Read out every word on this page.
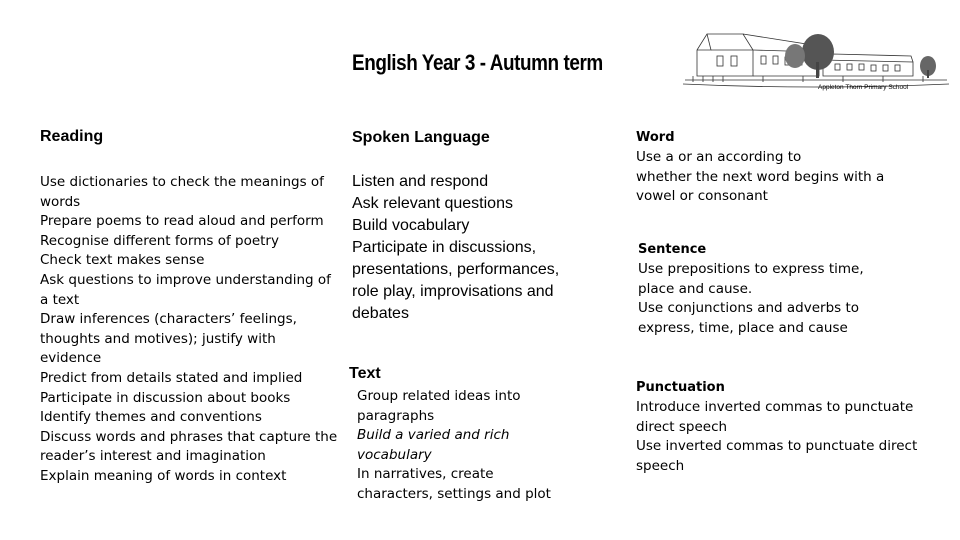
English Year 3 - Autumn term
Appleton Thorn Primary School
Reading
Use dictionaries to check the meanings of
words
Prepare poems to read aloud and perform
Recognise different forms of poetry
Check text makes sense
Ask questions to improve understanding of
a text
Draw inferences (characters’ feelings,
thoughts and motives); justify with
evidence
Predict from details stated and implied
Participate in discussion about books
Identify themes and conventions
Discuss words and phrases that capture the
reader’s interest and imagination
Explain meaning of words in context
Spoken Language
Listen and respond
Ask relevant questions
Build vocabulary
Participate in discussions,
presentations, performances,
role play, improvisations and
debates
Text
Group related ideas into
paragraphs
Build a varied and rich
vocabulary
In narratives, create
characters, settings and plot
Word
Use a or an according to
whether the next word begins with a
vowel or consonant
Sentence
Use prepositions to express time,
place and cause.
Use conjunctions and adverbs to
express, time, place and cause
Punctuation
Introduce inverted commas to punctuate
direct speech
Use inverted commas to punctuate direct
speech
